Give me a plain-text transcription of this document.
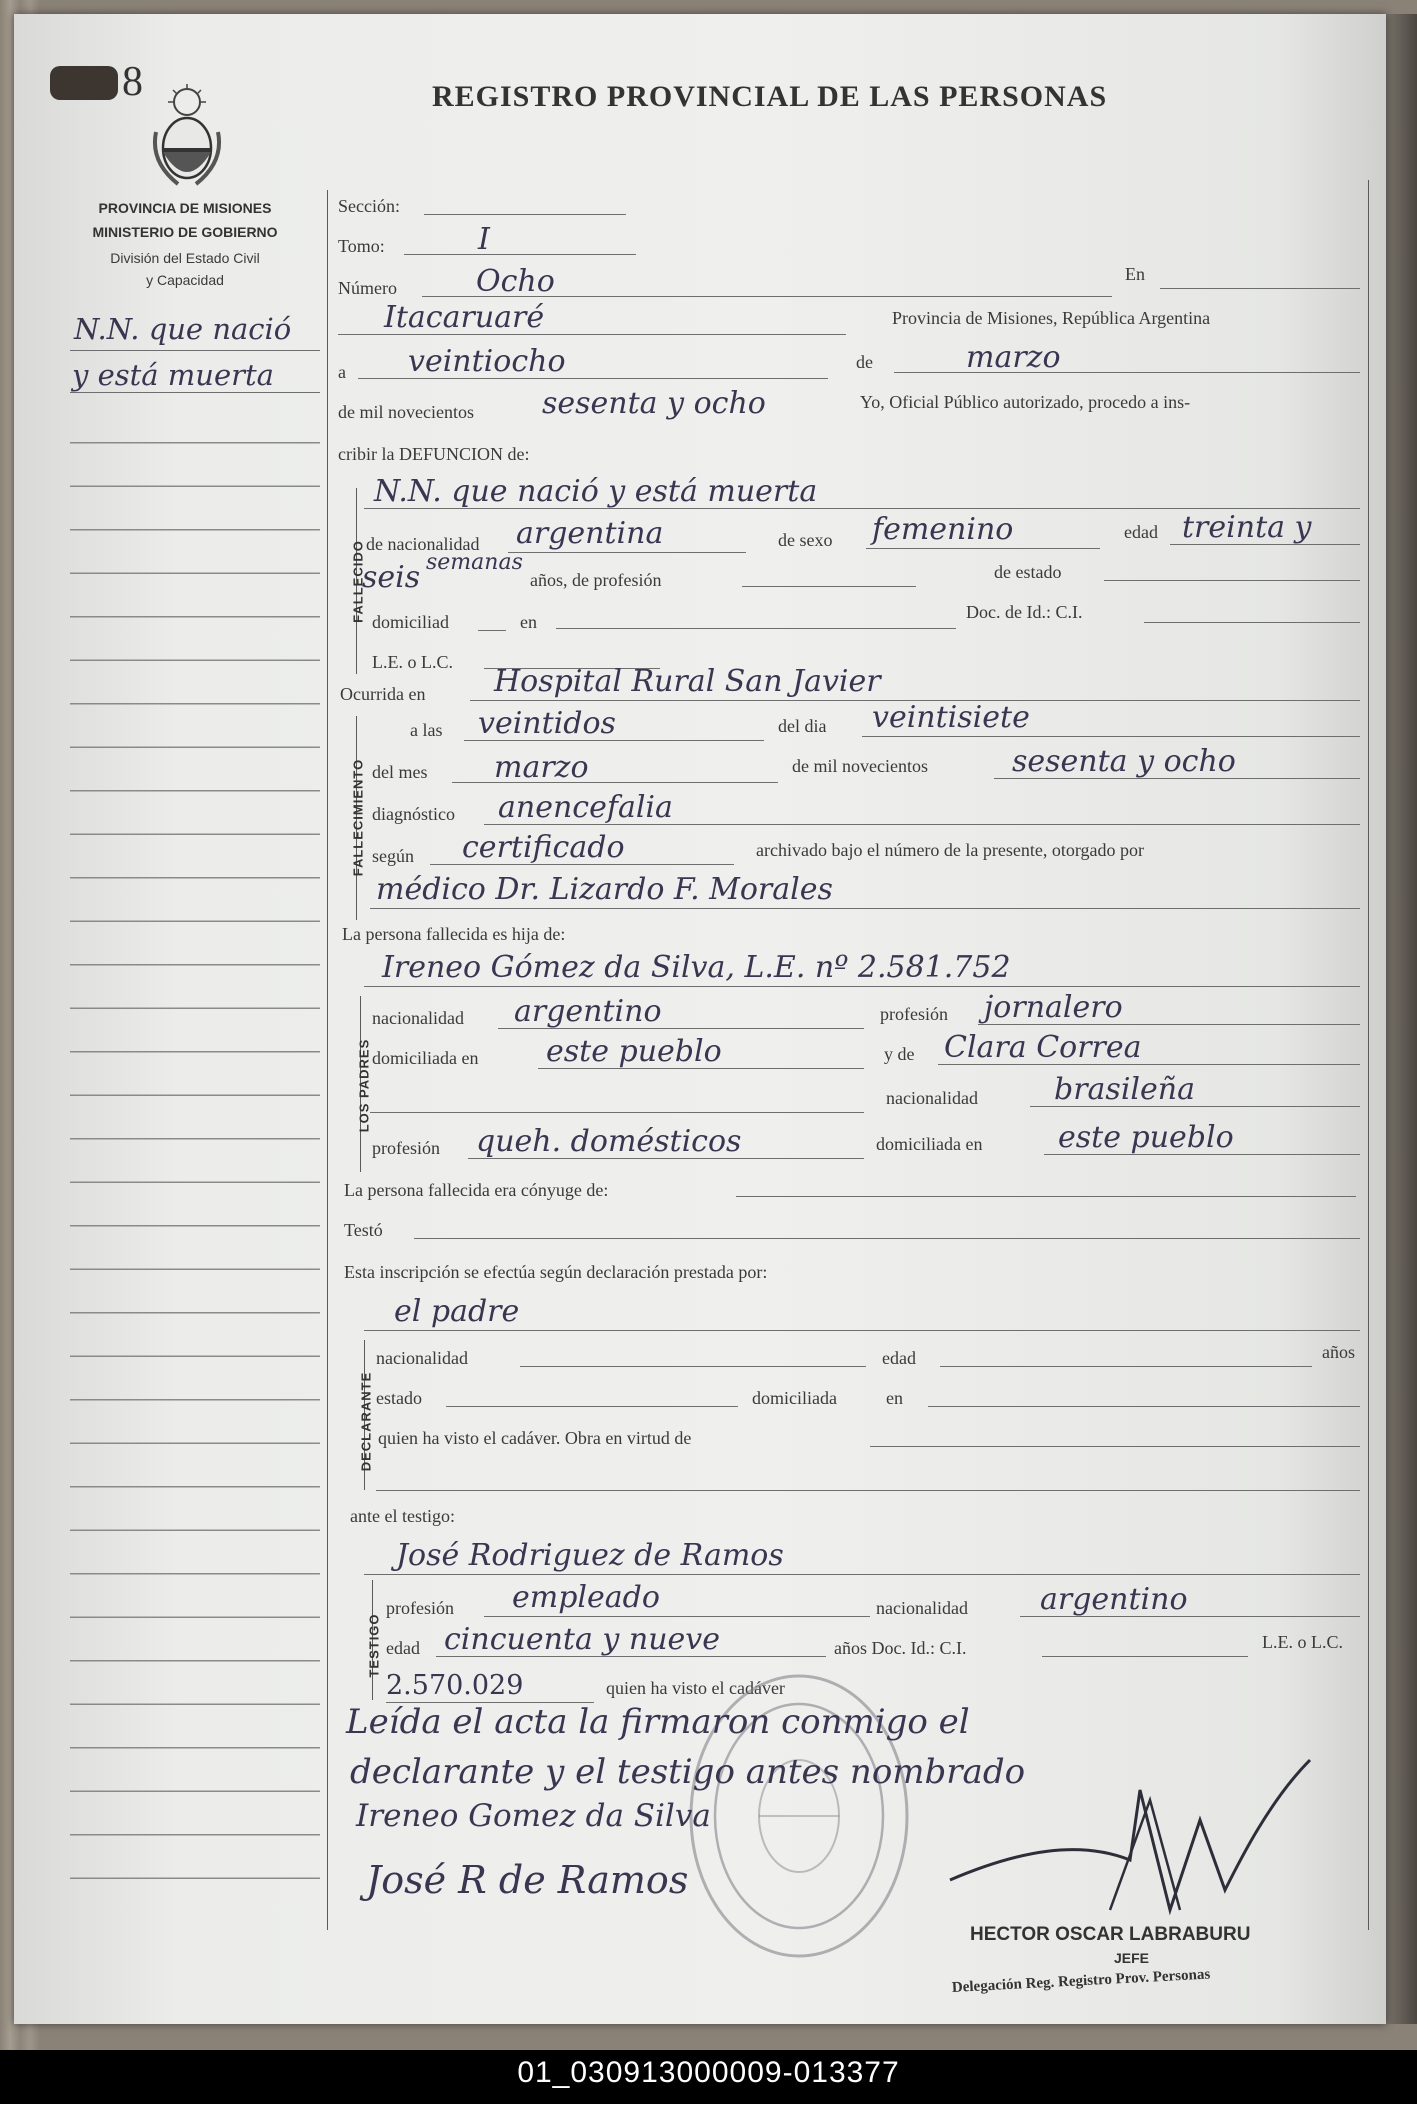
8	REGISTRO PROVINCIAL DE LAS PERSONAS
PROVINCIA DE MISIONES
MINISTERIO DE GOBIERNO
División del Estado Civil
y Capacidad
N.N. que nació
y está muerta
Sección:
Tomo:	I
Número	Ocho	En
Itacaruaré	Provincia de Misiones, República Argentina
a veintiocho	de	marzo
de mil novecientos sesenta y ocho	Yo, Oficial Público autorizado, procedo a ins-
cribir la DEFUNCION de:
FALLECIDO
N.N. que nació y está muerta
de nacionalidad argentina	de sexo femenino	edad treinta y
seis semanas
años, de profesión	de estado
domiciliad	en	Doc. de Id.: C.I.
L.E. o L.C.
Ocurrida en Hospital Rural San Javier
FALLECIMIENTO
a las veintidos	del dia veintisiete
del mes marzo	de mil novecientos	sesenta y ocho
diagnóstico anencefalia
según certificado	archivado bajo el número de la presente, otorgado por
médico Dr. Lizardo F. Morales
La persona fallecida es hija de:
Ireneo Gómez da Silva, L.E. nº 2.581.752
LOS PADRES
nacionalidad argentino	profesión jornalero
domiciliada en este pueblo	y de Clara Correa
nacionalidad	brasileña
profesión queh. domésticos	domiciliada en	este pueblo
La persona fallecida era cónyuge de:
Testó
Esta inscripción se efectúa según declaración prestada por:
el padre
DECLARANTE
nacionalidad	edad	años
estado	domiciliada	en
quien ha visto el cadáver. Obra en virtud de
ante el testigo:
José Rodriguez de Ramos
TESTIGO
profesión empleado	nacionalidad argentino
edad cincuenta y nueve	años Doc. Id.: C.I.	L.E. o L.C.
2.570.029	quien ha visto el cadáver
Leída el acta la firmaron conmigo el
declarante y el testigo antes nombrado
Ireneo Gomez da Silva
José R de Ramos
HECTOR OSCAR LABRABURU
JEFE
Delegación Reg. Registro Prov. Personas
01_030913000009-013377
